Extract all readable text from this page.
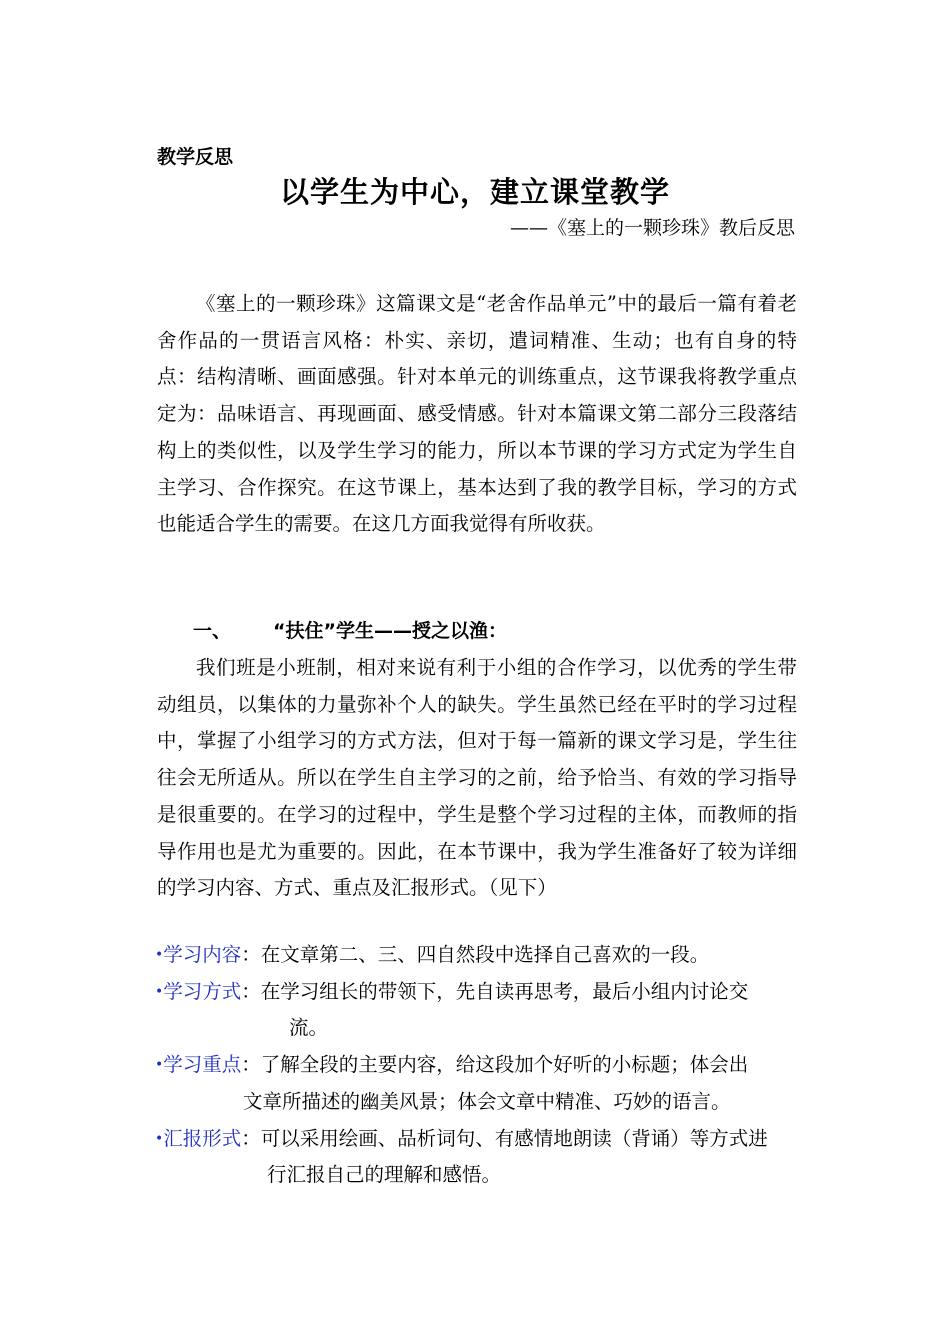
教学反思
以学生为中心，建立课堂教学
——《塞上的一颗珍珠》教后反思

《塞上的一颗珍珠》这篇课文是“老舍作品单元”中的最后一篇有着老舍作品的一贯语言风格：朴实、亲切，遣词精准、生动；也有自身的特点：结构清晰、画面感强。针对本单元的训练重点，这节课我将教学重点定为：品味语言、再现画面、感受情感。针对本篇课文第二部分三段落结构上的类似性，以及学生学习的能力，所以本节课的学习方式定为学生自主学习、合作探究。在这节课上，基本达到了我的教学目标，学习的方式也能适合学生的需要。在这几方面我觉得有所收获。

一、 “扶住”学生——授之以渔：

我们班是小班制，相对来说有利于小组的合作学习，以优秀的学生带动组员，以集体的力量弥补个人的缺失。学生虽然已经在平时的学习过程中，掌握了小组学习的方式方法，但对于每一篇新的课文学习是，学生往往会无所适从。所以在学生自主学习的之前，给予恰当、有效的学习指导是很重要的。在学习的过程中，学生是整个学习过程的主体，而教师的指导作用也是尤为重要的。因此，在本节课中，我为学生准备好了较为详细的学习内容、方式、重点及汇报形式。（见下）

•学习内容：在文章第二、三、四自然段中选择自己喜欢的一段。
•学习方式：在学习组长的带领下，先自读再思考，最后小组内讨论交
流。
•学习重点：了解全段的主要内容，给这段加个好听的小标题；体会出
文章所描述的幽美风景；体会文章中精准、巧妙的语言。
•汇报形式：可以采用绘画、品析词句、有感情地朗读（背诵）等方式进
行汇报自己的理解和感悟。
